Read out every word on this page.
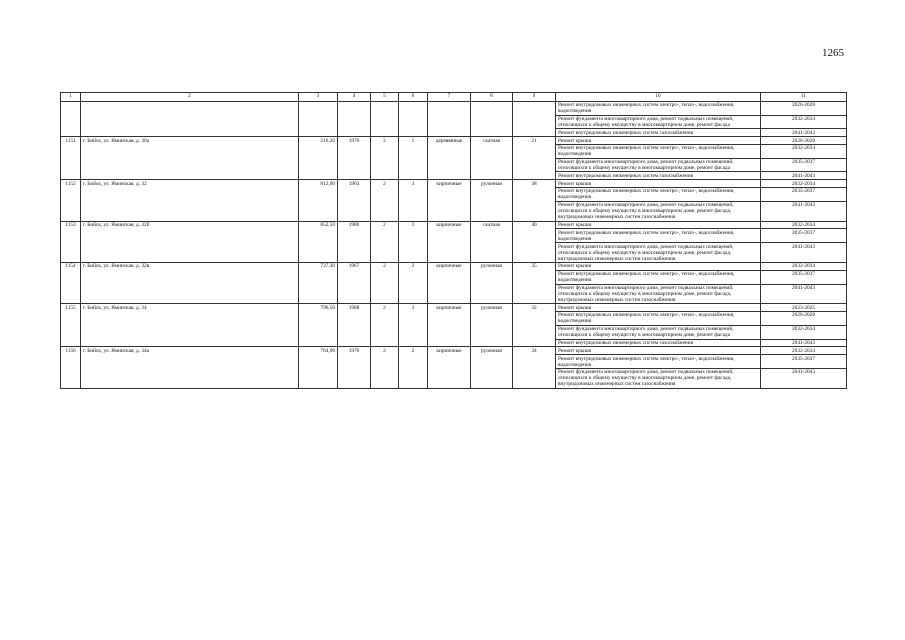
1265
1	2	3	4	5	6	7	8	9	10	11
									Ремонт внутридомовых инженерных систем электро-, тепло-, водоснабжения, водоотведения	2026-2028
									Ремонт фундамента многоквартирного дома, ремонт подвальных помещений, относящихся к общему имуществу в многоквартирном доме, ремонт фасада	2032-2034
									Ремонт внутридомовых инженерных систем газоснабжения	2041-2043
1151	г. Бийск, ул. Яминская, д. 30а	216,20	1976	2	1	деревянные	скатная	21	Ремонт крыши	2026-2028
									Ремонт внутридомовых инженерных систем электро-, тепло-, водоснабжения, водоотведения	2032-2034
									Ремонт фундамента многоквартирного дома, ремонт подвальных помещений, относящихся к общему имуществу в многоквартирном доме, ремонт фасада	2035-2037
									Ремонт внутридомовых инженерных систем газоснабжения	2041-2043
1152	г. Бийск, ул. Яминская, д. 32	812,90	1963	2	3	кирпичные	рулонная	38	Ремонт крыши	2032-2034
									Ремонт внутридомовых инженерных систем электро-, тепло-, водоснабжения, водоотведения	2035-2037
									Ремонт фундамента многоквартирного дома, ремонт подвальных помещений, относящихся к общему имуществу в многоквартирном доме, ремонт фасада, внутридомовых инженерных систем газоснабжения	2041-2043
1153	г. Бийск, ул. Яминская, д. 32б	852,50	1980	2	3	кирпичные	скатная	40	Ремонт крыши	2032-2034
									Ремонт внутридомовых инженерных систем электро-, тепло-, водоснабжения, водоотведения	2035-2037
									Ремонт фундамента многоквартирного дома, ремонт подвальных помещений, относящихся к общему имуществу в многоквартирном доме, ремонт фасада, внутридомовых инженерных систем газоснабжения	2041-2043
1154	г. Бийск, ул. Яминская, д. 32в	737,30	1967	2	2	кирпичные	рулонная	35	Ремонт крыши	2032-2034
									Ремонт внутридомовых инженерных систем электро-, тепло-, водоснабжения, водоотведения	2035-2037
									Ремонт фундамента многоквартирного дома, ремонт подвальных помещений, относящихся к общему имуществу в многоквартирном доме, ремонт фасада, внутридомовых инженерных систем газоснабжения	2041-2043
1155	г. Бийск, ул. Яминская, д. 34	796,50	1988	2	3	кирпичные	рулонная	32	Ремонт крыши	2023-2025
									Ремонт внутридомовых инженерных систем электро-, тепло-, водоснабжения, водоотведения	2026-2028
									Ремонт фундамента многоквартирного дома, ремонт подвальных помещений, относящихся к общему имуществу в многоквартирном доме, ремонт фасада	2032-2034
									Ремонт внутридомовых инженерных систем газоснабжения	2041-2043
1156	г. Бийск, ул. Яминская, д. 34а	764,90	1976	2	2	кирпичные	рулонная	34	Ремонт крыши	2032-2034
									Ремонт внутридомовых инженерных систем электро-, тепло-, водоснабжения, водоотведения	2035-2037
									Ремонт фундамента многоквартирного дома, ремонт подвальных помещений, относящихся к общему имуществу в многоквартирном доме, ремонт фасада, внутридомовых инженерных систем газоснабжения	2041-2043
